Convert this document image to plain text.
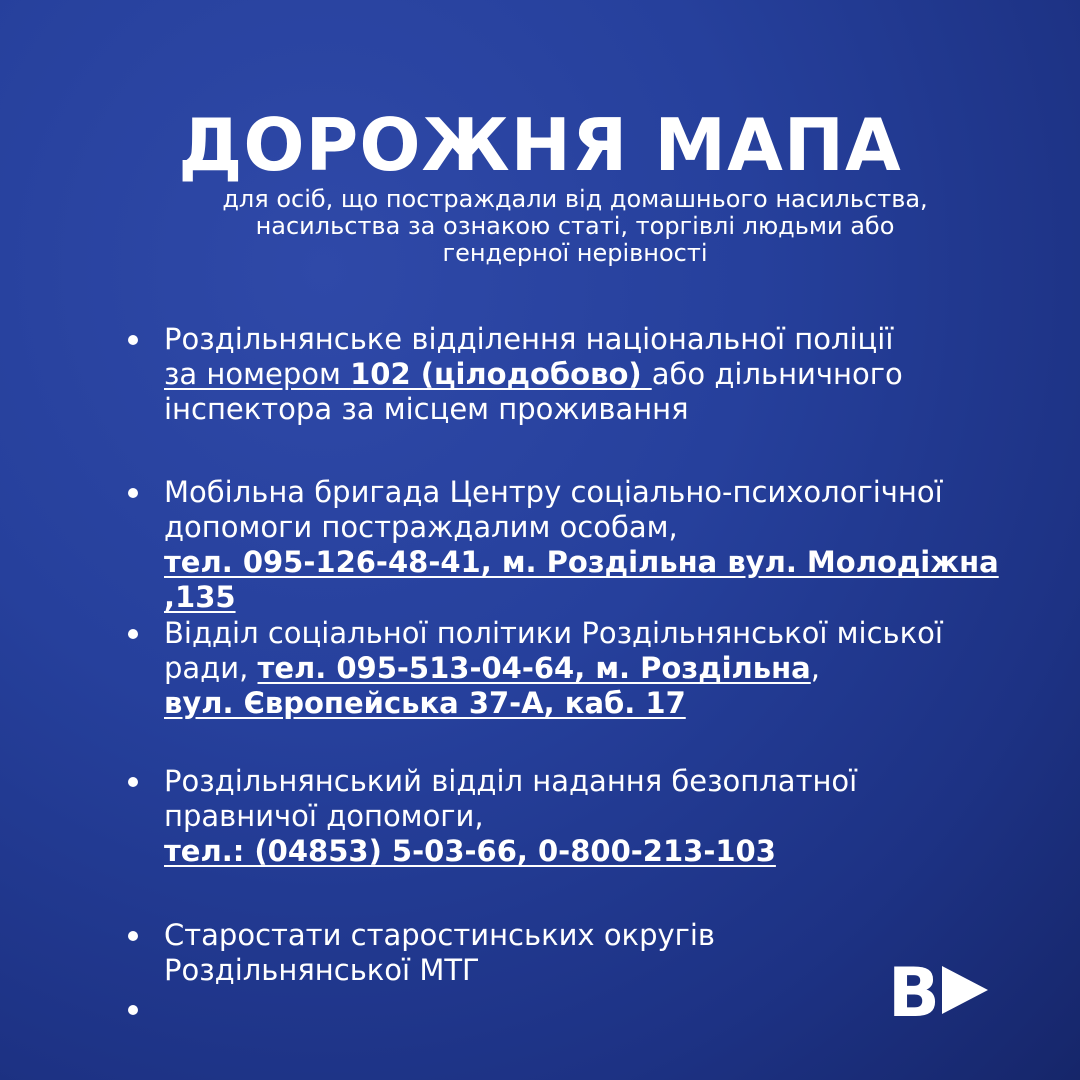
ДОРОЖНЯ МАПА
для осіб, що постраждали від домашнього насильства,
насильства за ознакою статі, торгівлі людьми або
гендерної нерівності
Роздільнянське відділення національної поліції
за номером 102 (цілодобово) або дільничного
інспектора за місцем проживання
Мобільна бригада Центру соціально-психологічної
допомоги постраждалим особам,
тел. 095-126-48-41, м. Роздільна вул. Молодіжна ,135
Відділ соціальної політики Роздільнянської міської
ради, тел. 095-513-04-64, м. Роздільна,
вул. Європейська 37-А, каб. 17
Роздільнянський відділ надання безоплатної
правничої допомоги,
тел.: (04853) 5-03-66, 0-800-213-103
Старостати старостинських округів
Роздільнянської МТГ	B
